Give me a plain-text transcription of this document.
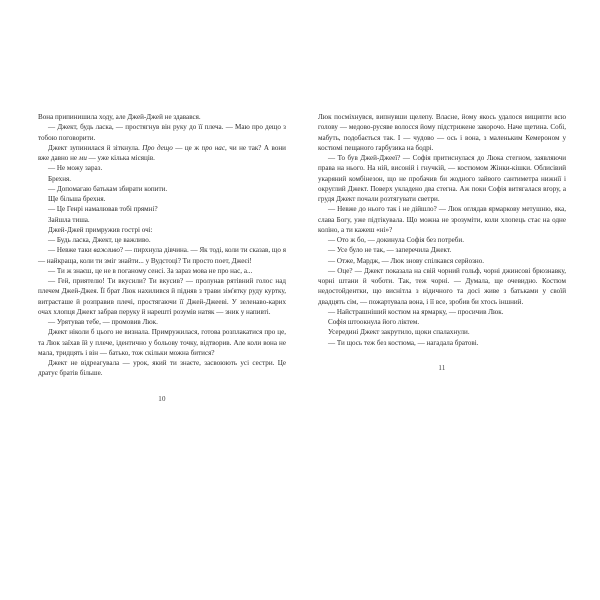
Вона припинишила ходу, але Джей-Джей не здавався.

— Джект, будь ласка, — простягнув він руку до її плеча. — Маю про дещо з тобою поговорити.

Джект зупинилася й зіткнула. Про дещо — це ж про нас, чи не так? А вони вже давно не ми — уже кілька місяців.

— Не можу зараз.

Брехня.

— Допомагаю батькам збирати копити.

Ще більша брехня.

— Це Генрі намалював тобі прямні?

Зайшла тиша.

Джей-Джей примружив гострі очі:

— Будь ласка, Джект, це важливо.

— Невже таки важливо? — пирхнула дівчина. — Як тоді, коли ти сказав, що я — найкраща, коли ти зміг знайти... у Вудстоці? Ти просто поет, Джеєі!

— Ти ж знаєш, це не в поганому сенсі. За зараз мова не про нас, а...

— Гей, приятелю! Ти вкусили? Ти вкусив? — пролунав рятівний голос над плечем Джей-Джея. Її брат Люк нахилився й підняв з трави зім'ятку руду куртку, витрасташе й розправив плечі, простягаючи її Джей-Джееві. У зеленаво-карих очах хлопця Джект забрав перуку й нарешті розумів натяк — зник у напивті.

— Урятував тебе, — промовив Люк.

Джект ніколи б цього не визнала. Примружилася, готова розплакатися про це, та Люк заїхав їй у плече, ідентично у больову точку, відтворив. Але коли вона не мала, тридцять і він — батько, тож скільки можна битися?

Джект не відреагувала — урок, який ти знаєте, засвоюють усі сестри. Це дратує братів більше.

10

Люк посміхнувся, випнувши щелепу. Власне, йому якось удалося вищипти всю голову — медово-русяве волосся йому підстрижене закорочо. Наче щетина. Собі, мабуть, подобається так. І — чудово — ось і вона, з маленьким Кемероном у костюмі пещаного гарбузика на бодрі.

— То був Джей-Джееї? — Софія притиснулася до Люка стегном, заявляючи права на нього. На ній, висоній і гнучкій, — костюмом Жінки-кішки. Облисівий укаряний комбінезон, що не пробачив би жодного зайвого сантиметра нижнії і округлий Джект. Поверх укладено два стегна. Аж поки Софія витягалася вгору, а грудя Джект почали розтягувати светри.

— Невже до нього так і не дійшло? — Люк оглядав ярмаркову метушню, яка, слава Богу, уже підтікувала. Що можна не зрозуміти, коли хлопець стає на одне коліно, а ти кажеш «ні»?

— Ото ж бо, — докинула Софія без потреби.

— Усе було не так, — заперечила Джект.

— Отже, Мардж, — Люк знову спілкався серйозно.

— Оце? — Джект показала на свій чорний гольф, чорні джинсові брюзнавку, чорні штани й чоботи. Так, теж чорні. — Думала, ще очевидно. Костюм недостойдентки, що виснітла з відичного та досі живе з батьками у своїй двадцять сім, — пожартувала вона, і її все, зробив би хтось іншний.

— Найстрашніший костюм на ярмарку, — просичив Люк.

Софія штоокнула його ліктем.

Усередині Джект закрутило, щоки спалахнули.

— Ти щось теж без костюма, — нагадала братові.

11
